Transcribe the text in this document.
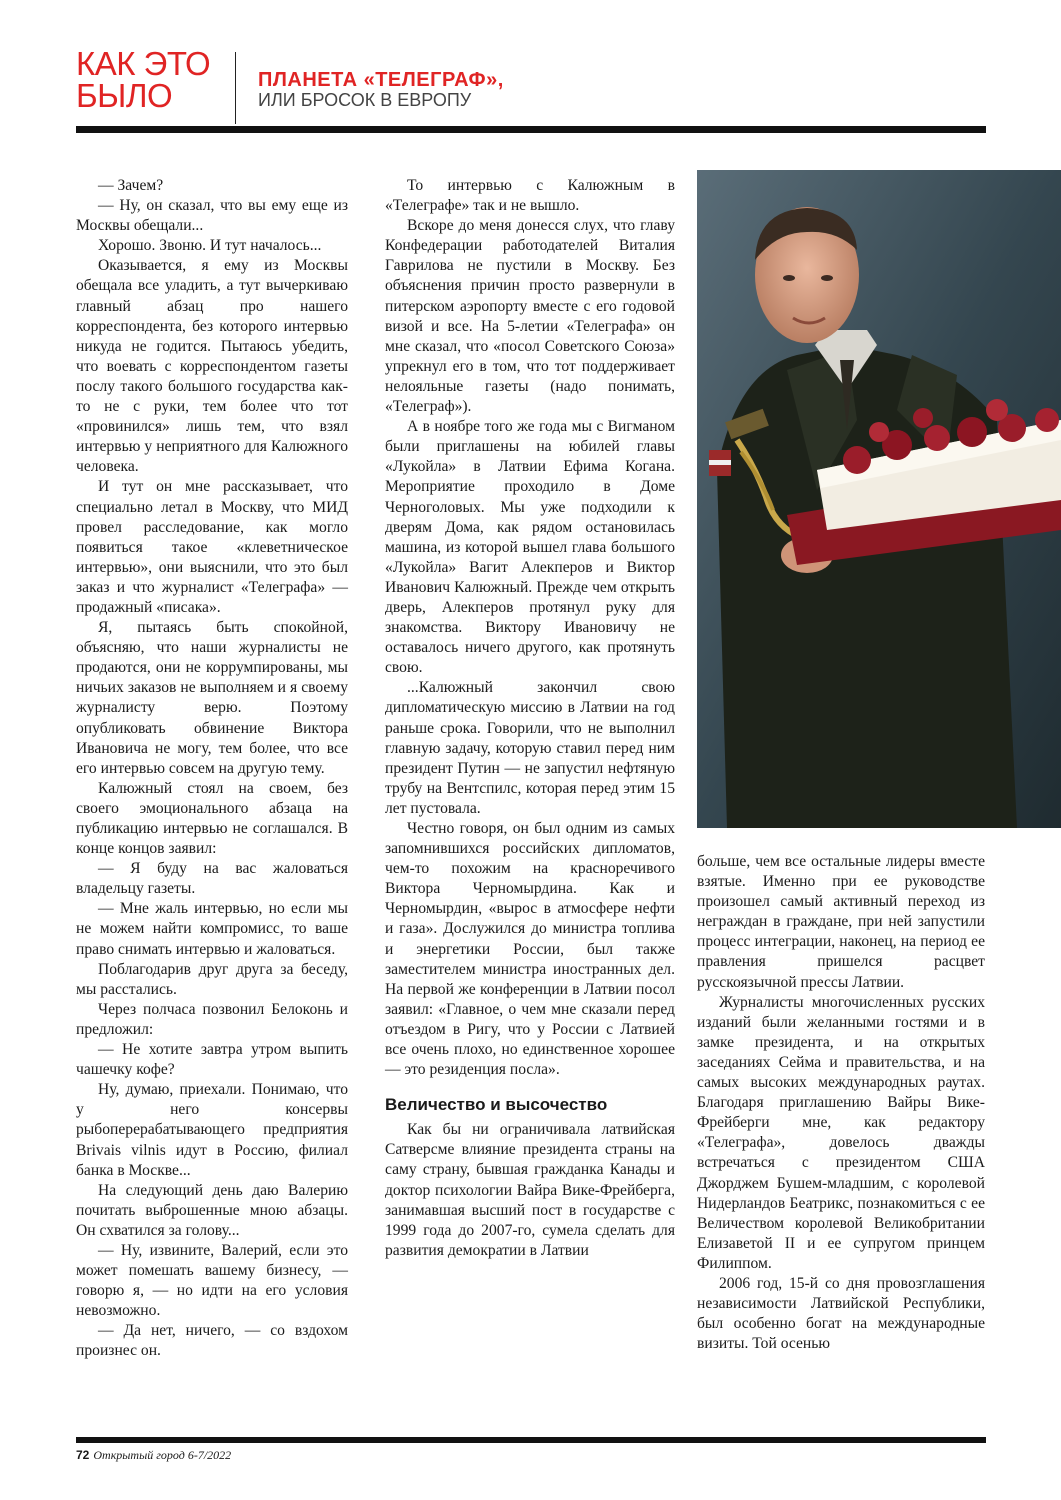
КАК ЭТО
БЫЛО	ПЛАНЕТА «ТЕЛЕГРАФ»,
ИЛИ БРОСОК В ЕВРОПУ

— Зачем?

— Ну, он сказал, что вы ему еще из Москвы обещали...

Хорошо. Звоню. И тут началось...

Оказывается, я ему из Москвы обещала все уладить, а тут вычеркиваю главный абзац про нашего корреспондента, без которого интервью никуда не годится. Пытаюсь убедить, что воевать с корреспондентом газеты послу такого большого государства как-то не с руки, тем более что тот «провинился» лишь тем, что взял интервью у неприятного для Калюжного человека.

И тут он мне рассказывает, что специально летал в Москву, что МИД провел расследование, как могло появиться такое «клеветническое интервью», они выяснили, что это был заказ и что журналист «Телеграфа» — продажный «писака».

Я, пытаясь быть спокойной, объясняю, что наши журналисты не продаются, они не коррумпированы, мы ничьих заказов не выполняем и я своему журналисту верю. Поэтому опубликовать обвинение Виктора Ивановича не могу, тем более, что все его интервью совсем на другую тему.

Калюжный стоял на своем, без своего эмоционального абзаца на публикацию интервью не соглашался. В конце концов заявил:

— Я буду на вас жаловаться владельцу газеты.

— Мне жаль интервью, но если мы не можем найти компромисс, то ваше право снимать интервью и жаловаться.

Поблагодарив друг друга за беседу, мы расстались.

Через полчаса позвонил Белоконь и предложил:

— Не хотите завтра утром выпить чашечку кофе?

Ну, думаю, приехали. Понимаю, что у него консервы рыбоперерабатывающего предприятия Brivais vilnis идут в Россию, филиал банка в Москве...

На следующий день даю Валерию почитать выброшенные мною абзацы. Он схватился за голову...

— Ну, извините, Валерий, если это может помешать вашему бизнесу, — говорю я, — но идти на его условия невозможно.

— Да нет, ничего, — со вздохом произнес он.

То интервью с Калюжным в «Телеграфе» так и не вышло.

Вскоре до меня донесся слух, что главу Конфедерации работодателей Виталия Гаврилова не пустили в Москву. Без объяснения причин просто развернули в питерском аэропорту вместе с его годовой визой и все. На 5-летии «Телеграфа» он мне сказал, что «посол Советского Союза» упрекнул его в том, что тот поддерживает нелояльные газеты (надо понимать, «Телеграф»).

А в ноябре того же года мы с Вигманом были приглашены на юбилей главы «Лукойла» в Латвии Ефима Когана. Мероприятие проходило в Доме Черноголовых. Мы уже подходили к дверям Дома, как рядом остановилась машина, из которой вышел глава большого «Лукойла» Вагит Алекперов и Виктор Иванович Калюжный. Прежде чем открыть дверь, Алекперов протянул руку для знакомства. Виктору Ивановичу не оставалось ничего другого, как протянуть свою.

...Калюжный закончил свою дипломатическую миссию в Латвии на год раньше срока. Говорили, что не выполнил главную задачу, которую ставил перед ним президент Путин — не запустил нефтяную трубу на Вентспилс, которая перед этим 15 лет пустовала.

Честно говоря, он был одним из самых запомнившихся российских дипломатов, чем-то похожим на красноречивого Виктора Черномырдина. Как и Черномырдин, «вырос в атмосфере нефти и газа». Дослужился до министра топлива и энергетики России, был также заместителем министра иностранных дел. На первой же конференции в Латвии посол заявил: «Главное, о чем мне сказали перед отъездом в Ригу, что у России с Латвией все очень плохо, но единственное хорошее — это резиденция посла».

Величество и высочество

Как бы ни ограничивала латвийская Сатверсме влияние президента страны на саму страну, бывшая гражданка Канады и доктор психологии Вайра Вике-Фрейберга, занимавшая высший пост в государстве с 1999 года до 2007-го, сумела сделать для развития демократии в Латвии

больше, чем все остальные лидеры вместе взятые. Именно при ее руководстве произошел самый активный переход из неграждан в граждане, при ней запустили процесс интеграции, наконец, на период ее правления пришелся расцвет русскоязычной прессы Латвии.

Журналисты многочисленных русских изданий были желанными гостями и в замке президента, и на открытых заседаниях Сейма и правительства, и на самых высоких международных раутах. Благодаря приглашению Вайры Вике-Фрейберги мне, как редактору «Телеграфа», довелось дважды встречаться с президентом США Джорджем Бушем-младшим, с королевой Нидерландов Беатрикс, познакомиться с ее Величеством королевой Великобритании Елизаветой II и ее супругом принцем Филиппом.

2006 год, 15-й со дня провозглашения независимости Латвийской Республики, был особенно богат на международные визиты. Той осенью

72 Открытый город 6-7/2022
